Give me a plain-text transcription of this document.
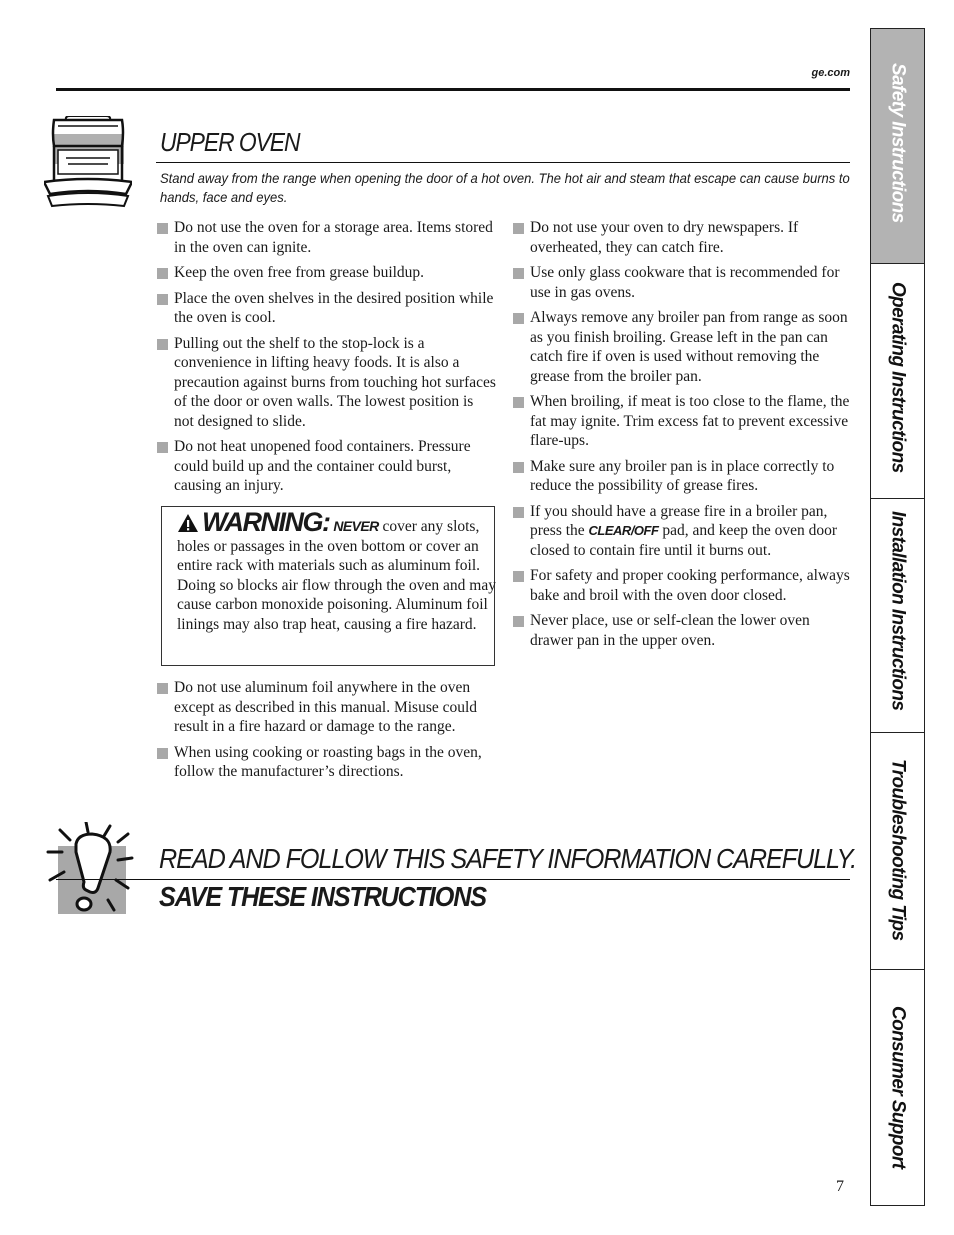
ge.com
UPPER OVEN
Stand away from the range when opening the door of a hot oven. The hot air and steam that escape can cause burns to hands, face and eyes.
Do not use the oven for a storage area. Items stored in the oven can ignite.
Keep the oven free from grease buildup.
Place the oven shelves in the desired position while the oven is cool.
Pulling out the shelf to the stop-lock is a convenience in lifting heavy foods. It is also a precaution against burns from touching hot surfaces of the door or oven walls. The lowest position is not designed to slide.
Do not heat unopened food containers. Pressure could build up and the container could burst, causing an injury.
WARNING: NEVER cover any slots, holes or passages in the oven bottom or cover an entire rack with materials such as aluminum foil. Doing so blocks air flow through the oven and may cause carbon monoxide poisoning. Aluminum foil linings may also trap heat, causing a fire hazard.
Do not use aluminum foil anywhere in the oven except as described in this manual. Misuse could result in a fire hazard or damage to the range.
When using cooking or roasting bags in the oven, follow the manufacturer’s directions.
Do not use your oven to dry newspapers. If overheated, they can catch fire.
Use only glass cookware that is recommended for use in gas ovens.
Always remove any broiler pan from range as soon as you finish broiling. Grease left in the pan can catch fire if oven is used without removing the grease from the broiler pan.
When broiling, if meat is too close to the flame, the fat may ignite. Trim excess fat to prevent excessive flare-ups.
Make sure any broiler pan is in place correctly to reduce the possibility of grease fires.
If you should have a grease fire in a broiler pan, press the CLEAR/OFF pad, and keep the oven door closed to contain fire until it burns out.
For safety and proper cooking performance, always bake and broil with the oven door closed.
Never place, use or self-clean the lower oven drawer pan in the upper oven.
READ AND FOLLOW THIS SAFETY INFORMATION CAREFULLY.
SAVE THESE INSTRUCTIONS
7
Safety Instructions
Operating Instructions
Installation Instructions
Troubleshooting Tips
Consumer Support
